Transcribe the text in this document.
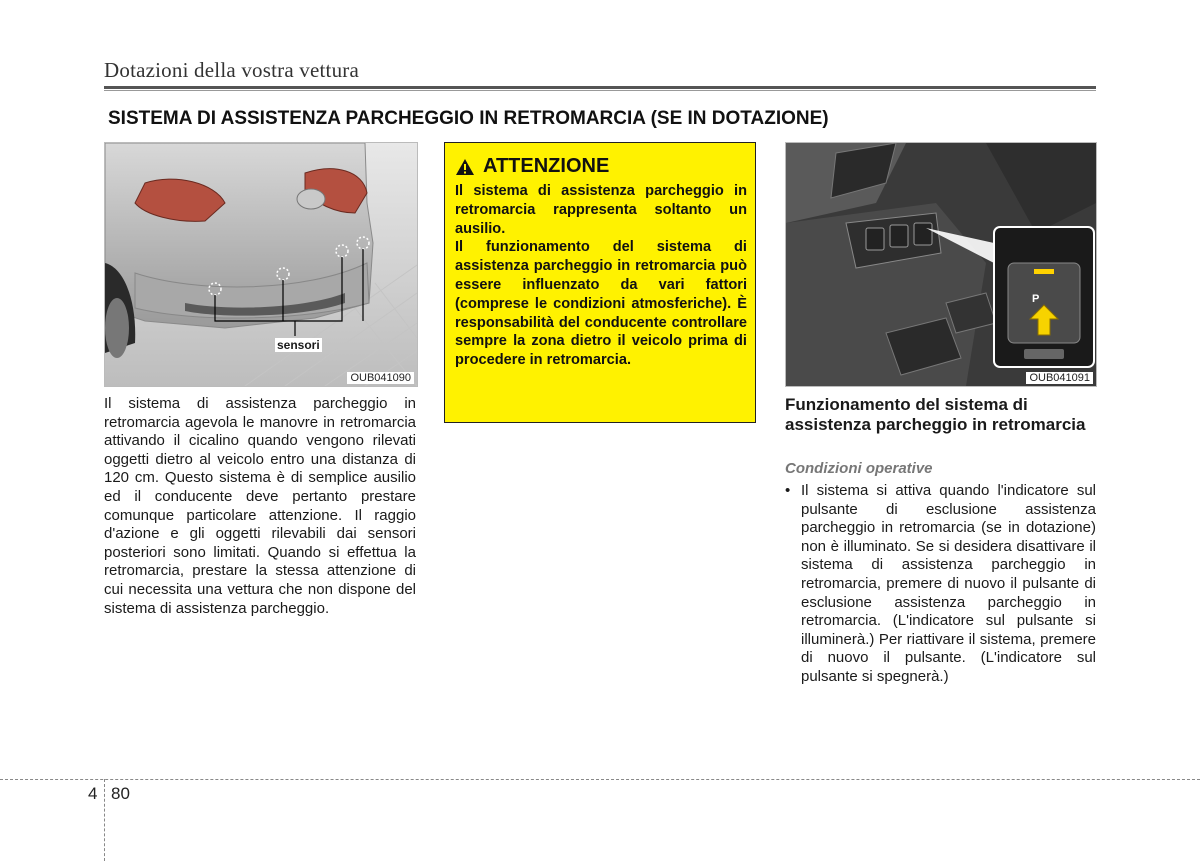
Dotazioni della vostra vettura
SISTEMA DI ASSISTENZA PARCHEGGIO IN RETROMARCIA (SE IN DOTAZIONE)
sensori
OUB041090
ATTENZIONE

Il sistema di assistenza parcheggio in retromarcia rappresenta soltanto un ausilio.

Il funzionamento del sistema di assistenza parcheggio in retromarcia può essere influenzato da vari fattori (comprese le condizioni atmosferiche). È responsabilità del conducente controllare sempre la zona dietro il veicolo prima di procedere in retromarcia.

P
OUB041091
Il sistema di assistenza parcheggio in retromarcia agevola le manovre in retromarcia attivando il cicalino quando vengono rilevati oggetti dietro al veicolo entro una distanza di 120 cm. Questo sistema è di semplice ausilio ed il conducente deve pertanto prestare comunque particolare attenzione. Il raggio d'azione e gli oggetti rilevabili dai sensori posteriori sono limitati. Quando si effettua la retromarcia, prestare la stessa attenzione di cui necessita una vettura che non dispone del sistema di assistenza parcheggio.
Funzionamento del sistema di assistenza parcheggio in retromarcia
Condizioni operative
• Il sistema si attiva quando l'indicatore sul pulsante di esclusione assistenza parcheggio in retromarcia (se in dotazione) non è illuminato. Se si desidera disattivare il sistema di assistenza parcheggio in retromarcia, premere di nuovo il pulsante di esclusione assistenza parcheggio in retromarcia. (L'indicatore sul pulsante si illuminerà.) Per riattivare il sistema, premere di nuovo il pulsante. (L'indicatore sul pulsante si spegnerà.)
4 80
